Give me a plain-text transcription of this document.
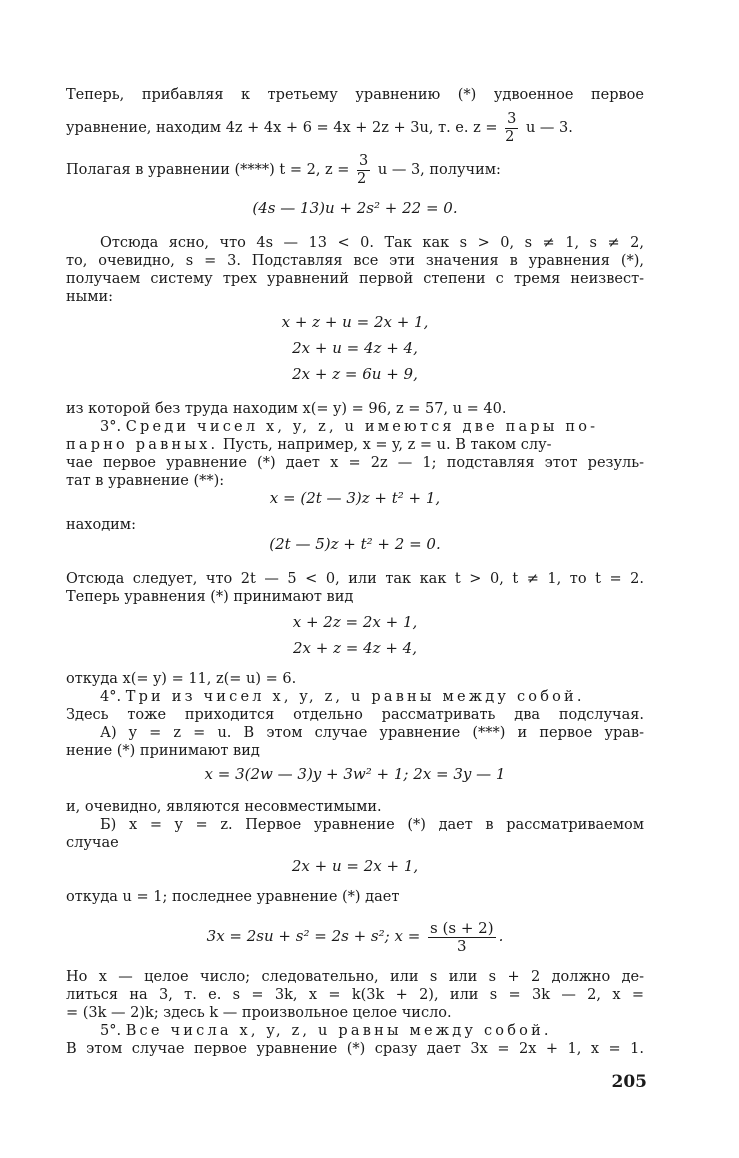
Теперь, прибавляя к третьему уравнению (*) удвоенное первое
уравнение, находим 4z + 4x + 6 = 4x + 2z + 3u, т. е. $z = \frac{3}{2}$ u — 3.
Полагая в уравнении (****) t = 2, $z = \frac{3}{2}$ u — 3, получим:
(4s — 13)u + 2s² + 22 = 0.
Отсюда ясно, что 4s — 13 < 0. Так как s > 0, s ≠ 1, s ≠ 2,
то, очевидно, s = 3. Подставляя все эти значения в уравнения (*),
получаем систему трех уравнений первой степени с тремя неизвест-
ными:
x + z + u = 2x + 1,
2x + u = 4z + 4,
2x + z = 6u + 9,
из которой без труда находим x(= y) = 96, z = 57, u = 40.
3°. Среди чисел x, y, z, u имеются две пары по-
парно равных. Пусть, например, x = y, z = u. В таком слу-
чае первое уравнение (*) дает x = 2z — 1; подставляя этот резуль-
тат в уравнение (**):
x = (2t — 3)z + t² + 1,
находим:
(2t — 5)z + t² + 2 = 0.
Отсюда следует, что 2t — 5 < 0, или так как t > 0, t ≠ 1, то t = 2.
Теперь уравнения (*) принимают вид
x + 2z = 2x + 1,
2x + z = 4z + 4,
откуда x(= y) = 11, z(= u) = 6.
4°. Три из чисел x, y, z, u равны между собой.
Здесь тоже приходится отдельно рассматривать два подслучая.
А) y = z = u. В этом случае уравнение (***) и первое урав-
нение (*) принимают вид
x = 3(2w — 3)y + 3w² + 1; 2x = 3y — 1
и, очевидно, являются несовместимыми.
Б) x = y = z. Первое уравнение (*) дает в рассматриваемом
случае
2x + u = 2x + 1,
откуда u = 1; последнее уравнение (*) дает
3x = 2su + s² = 2s + s²; $x = \frac{s (s + 2)}{3}$ .
Но x — целое число; следовательно, или s или s + 2 должно де-
литься на 3, т. е. s = 3k, x = k(3k + 2), или s = 3k — 2, x =
= (3k — 2)k; здесь k — произвольное целое число.
5°. Все числа x, y, z, u равны между собой.
В этом случае первое уравнение (*) сразу дает 3x = 2x + 1, x = 1.
205
